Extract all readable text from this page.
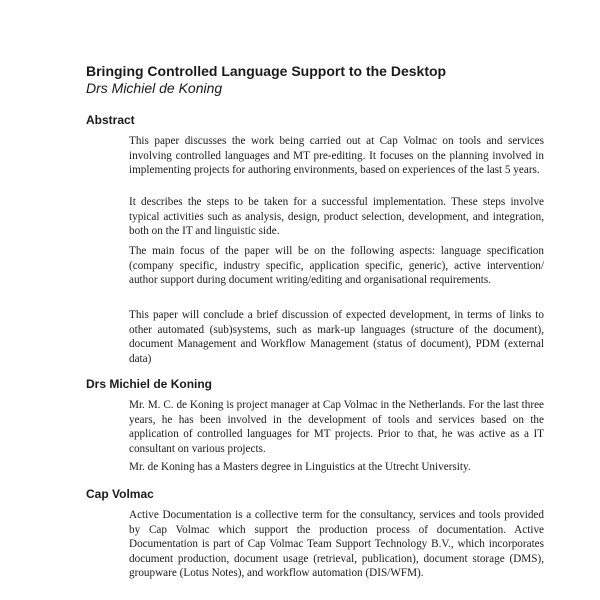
Bringing Controlled Language Support to the Desktop
Drs Michiel de Koning
Abstract

This paper discusses the work being carried out at Cap Volmac on tools and services involving controlled languages and MT pre-editing. It focuses on the planning involved in implementing projects for authoring environments, based on experiences of the last 5 years.

It describes the steps to be taken for a successful implementation. These steps involve typical activities such as analysis, design, product selection, development, and integration, both on the IT and linguistic side.

The main focus of the paper will be on the following aspects: language specification (company specific, industry specific, application specific, generic), active intervention/ author support during document writing/editing and organisational requirements.

This paper will conclude a brief discussion of expected development, in terms of links to other automated (sub)systems, such as mark-up languages (structure of the document), document Management and Workflow Management (status of document), PDM (external data)

Drs Michiel de Koning

Mr. M. C. de Koning is project manager at Cap Volmac in the Netherlands. For the last three years, he has been involved in the development of tools and services based on the application of controlled languages for MT projects. Prior to that, he was active as a IT consultant on various projects.

Mr. de Koning has a Masters degree in Linguistics at the Utrecht University.

Cap Volmac

Active Documentation is a collective term for the consultancy, services and tools provided by Cap Volmac which support the production process of documentation. Active Documentation is part of Cap Volmac Team Support Technology B.V., which incorporates document production, document usage (retrieval, publication), document storage (DMS), groupware (Lotus Notes), and workflow automation (DIS/WFM).
